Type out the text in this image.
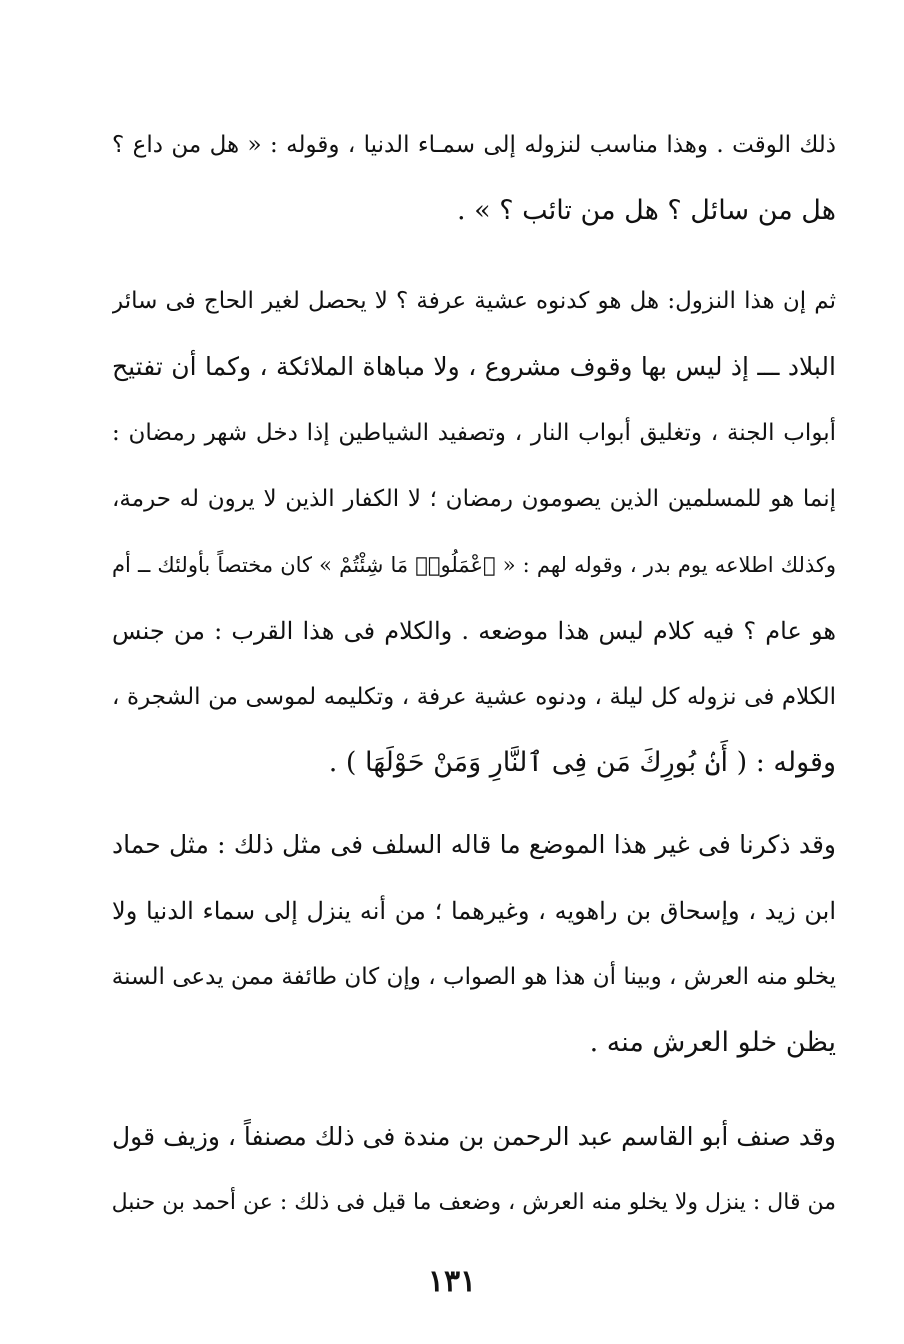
ذلك الوقت . وهذا مناسب لنزوله إلى سمـاء الدنيا ، وقوله : « هل من داع ؟
هل من سائل ؟ هل من تائب ؟ » .
ثم إن هذا النزول: هل هو كدنوه عشية عرفة ؟ لا يحصل لغير الحاج فى سائر
البلاد ـــ إذ ليس بها وقوف مشروع ، ولا مباهاة الملائكة ، وكما أن تفتيح
أبواب الجنة ، وتغليق أبواب النار ، وتصفيد الشياطين إذا دخل شهر رمضان :
إنما هو للمسلمين الذين يصومون رمضان ؛ لا الكفار الذين لا يرون له حرمة،
وكذلك اطلاعه يوم بدر ، وقوله لهم : « ٱعْمَلُوا۟ مَا شِئْتُمْ » كان مختصاً بأولئك ــ أم
هو عام ؟ فيه كلام ليس هذا موضعه . والكلام فى هذا القرب : من جنس
الكلام فى نزوله كل ليلة ، ودنوه عشية عرفة ، وتكليمه لموسى من الشجرة ،
وقوله : ( أَنۢ بُورِكَ مَن فِى ٱلنَّارِ وَمَنْ حَوْلَهَا ) .
وقد ذكرنا فى غير هذا الموضع ما قاله السلف فى مثل ذلك : مثل حماد
ابن زيد ، وإسحاق بن راهويه ، وغيرهما ؛ من أنه ينزل إلى سماء الدنيا ولا
يخلو منه العرش ، وبينا أن هذا هو الصواب ، وإن كان طائفة ممن يدعى السنة
يظن خلو العرش منه .
وقد صنف أبو القاسم عبد الرحمن بن مندة فى ذلك مصنفاً ، وزيف قول
من قال : ينزل ولا يخلو منه العرش ، وضعف ما قيل فى ذلك : عن أحمد بن حنبل
١٣١
